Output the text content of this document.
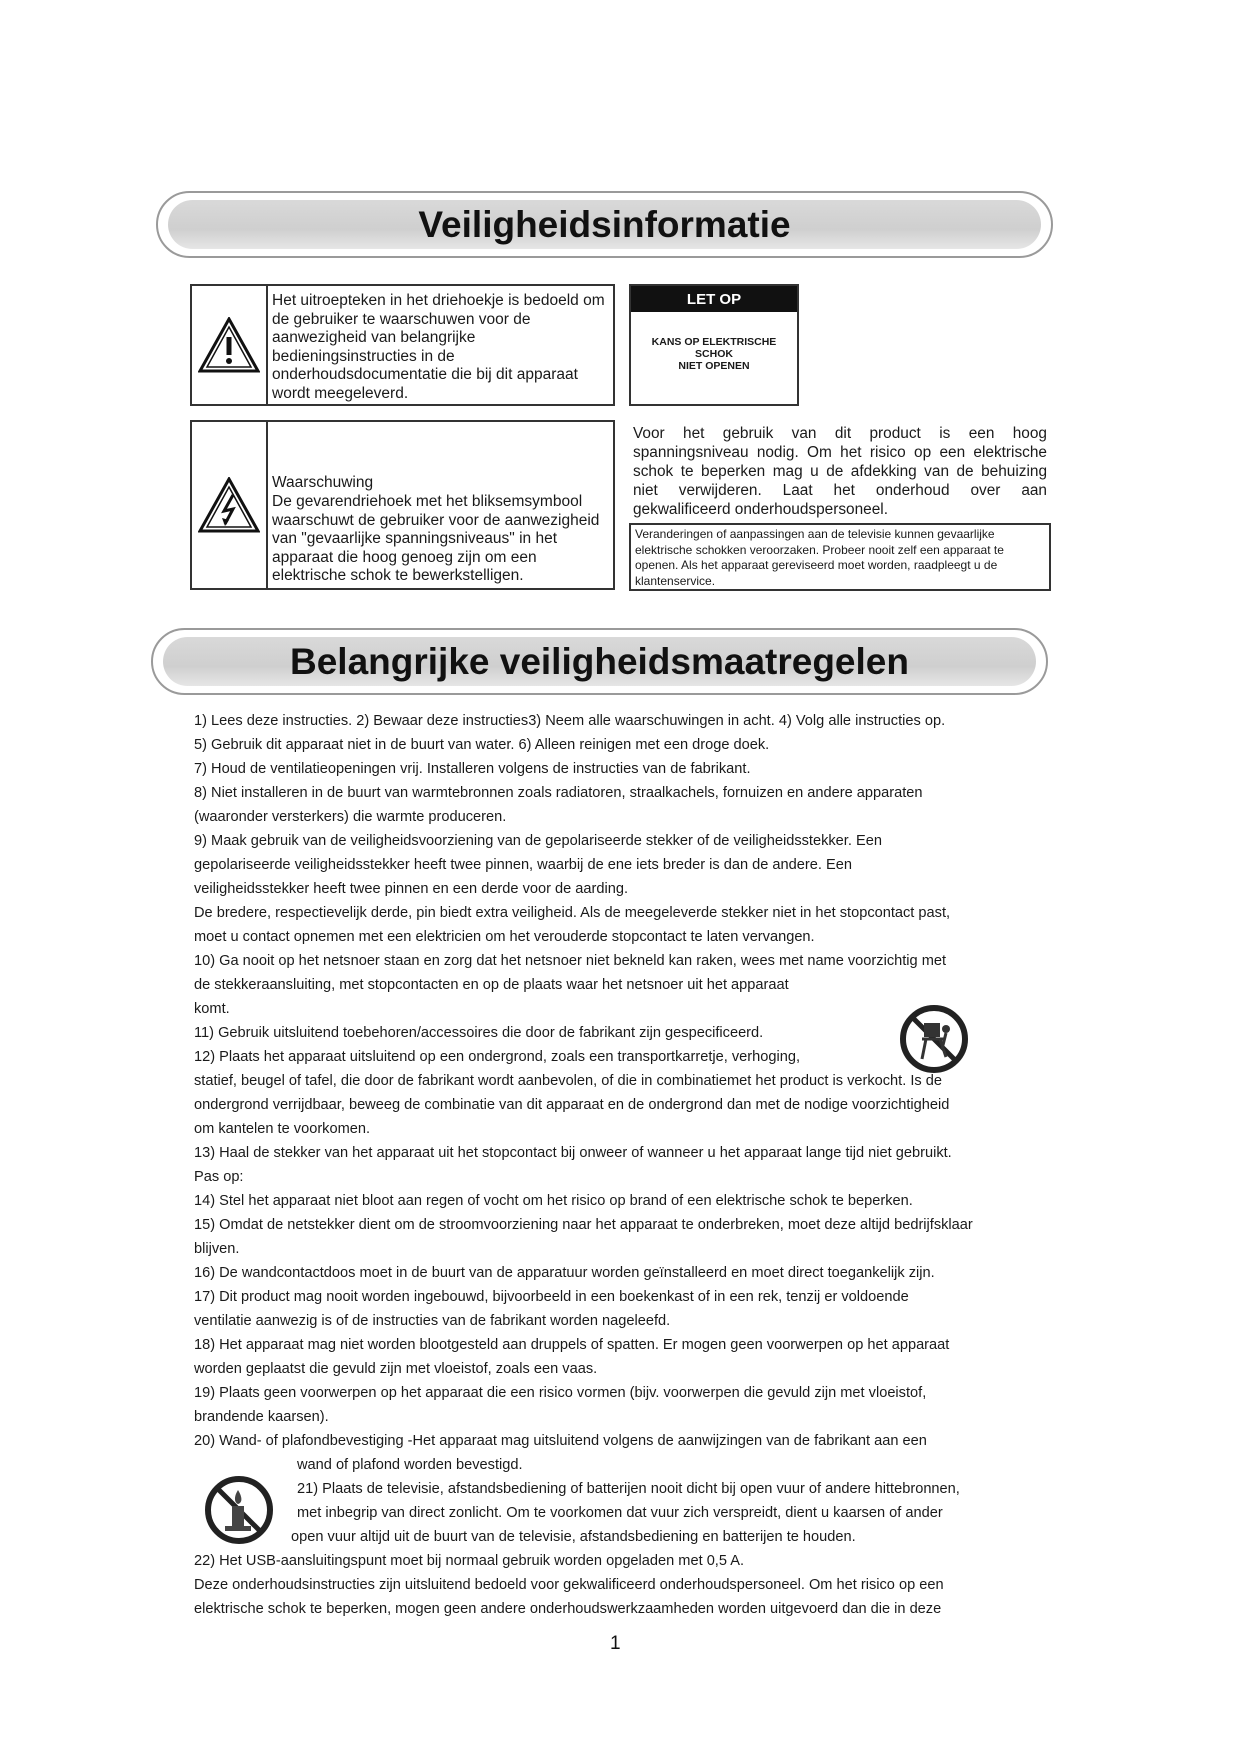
Veiligheidsinformatie
Het uitroepteken in het driehoekje is bedoeld om de gebruiker te waarschuwen voor de aanwezigheid van belangrijke bedieningsinstructies in de onderhoudsdocumentatie die bij dit apparaat wordt meegeleverd.
LET OP
KANS OP ELEKTRISCHE
SCHOK
NIET OPENEN
Waarschuwing
De gevarendriehoek met het bliksemsymbool waarschuwt de gebruiker voor de aanwezigheid van "gevaarlijke spanningsniveaus" in het apparaat die hoog genoeg zijn om een elektrische schok te bewerkstelligen.
Voor het gebruik van dit product is een hoog spanningsniveau nodig. Om het risico op een elektrische schok te beperken mag u de afdekking van de behuizing niet verwijderen. Laat het onderhoud over aan gekwalificeerd onderhoudspersoneel.
Veranderingen of aanpassingen aan de televisie kunnen gevaarlijke elektrische schokken veroorzaken. Probeer nooit zelf een apparaat te openen. Als het apparaat gereviseerd moet worden, raadpleegt u de klantenservice.
Belangrijke veiligheidsmaatregelen
1) Lees deze instructies. 2) Bewaar deze instructies3) Neem alle waarschuwingen in acht. 4) Volg alle instructies op.
5) Gebruik dit apparaat niet in de buurt van water. 6) Alleen reinigen met een droge doek.
7) Houd de ventilatieopeningen vrij. Installeren volgens de instructies van de fabrikant.
8) Niet installeren in de buurt van warmtebronnen zoals radiatoren, straalkachels, fornuizen en andere apparaten
(waaronder versterkers) die warmte produceren.
9) Maak gebruik van de veiligheidsvoorziening van de gepolariseerde stekker of de veiligheidsstekker. Een
gepolariseerde veiligheidsstekker heeft twee pinnen, waarbij de ene iets breder is dan de andere. Een
veiligheidsstekker heeft twee pinnen en een derde voor de aarding.
De bredere, respectievelijk derde, pin biedt extra veiligheid. Als de meegeleverde stekker niet in het stopcontact past,
moet u contact opnemen met een elektricien om het verouderde stopcontact te laten vervangen.
10) Ga nooit op het netsnoer staan en zorg dat het netsnoer niet bekneld kan raken, wees met name voorzichtig met
de stekkeraansluiting, met stopcontacten en op de plaats waar het netsnoer uit het apparaat
komt.
11) Gebruik uitsluitend toebehoren/accessoires die door de fabrikant zijn gespecificeerd.
12) Plaats het apparaat uitsluitend op een ondergrond, zoals een transportkarretje, verhoging,
statief, beugel of tafel, die door de fabrikant wordt aanbevolen, of die in combinatiemet het product is verkocht. Is de
ondergrond verrijdbaar, beweeg de combinatie van dit apparaat en de ondergrond dan met de nodige voorzichtigheid
om kantelen te voorkomen.
13) Haal de stekker van het apparaat uit het stopcontact bij onweer of wanneer u het apparaat lange tijd niet gebruikt.
Pas op:
14) Stel het apparaat niet bloot aan regen of vocht om het risico op brand of een elektrische schok te beperken.
15) Omdat de netstekker dient om de stroomvoorziening naar het apparaat te onderbreken, moet deze altijd bedrijfsklaar
blijven.
16) De wandcontactdoos moet in de buurt van de apparatuur worden geïnstalleerd en moet direct toegankelijk zijn.
17) Dit product mag nooit worden ingebouwd, bijvoorbeeld in een boekenkast of in een rek, tenzij er voldoende
ventilatie aanwezig is of de instructies van de fabrikant worden nageleefd.
18) Het apparaat mag niet worden blootgesteld aan druppels of spatten. Er mogen geen voorwerpen op het apparaat
worden geplaatst die gevuld zijn met vloeistof, zoals een vaas.
19) Plaats geen voorwerpen op het apparaat die een risico vormen (bijv. voorwerpen die gevuld zijn met vloeistof,
brandende kaarsen).
20) Wand- of plafondbevestiging -Het apparaat mag uitsluitend volgens de aanwijzingen van de fabrikant aan een
wand of plafond worden bevestigd.
21) Plaats de televisie, afstandsbediening of batterijen nooit dicht bij open vuur of andere hittebronnen,
met inbegrip van direct zonlicht. Om te voorkomen dat vuur zich verspreidt, dient u kaarsen of ander
open vuur altijd uit de buurt van de televisie, afstandsbediening en batterijen te houden.
22) Het USB-aansluitingspunt moet bij normaal gebruik worden opgeladen met 0,5 A.
Deze onderhoudsinstructies zijn uitsluitend bedoeld voor gekwalificeerd onderhoudspersoneel. Om het risico op een
elektrische schok te beperken, mogen geen andere onderhoudswerkzaamheden worden uitgevoerd dan die in deze
1
